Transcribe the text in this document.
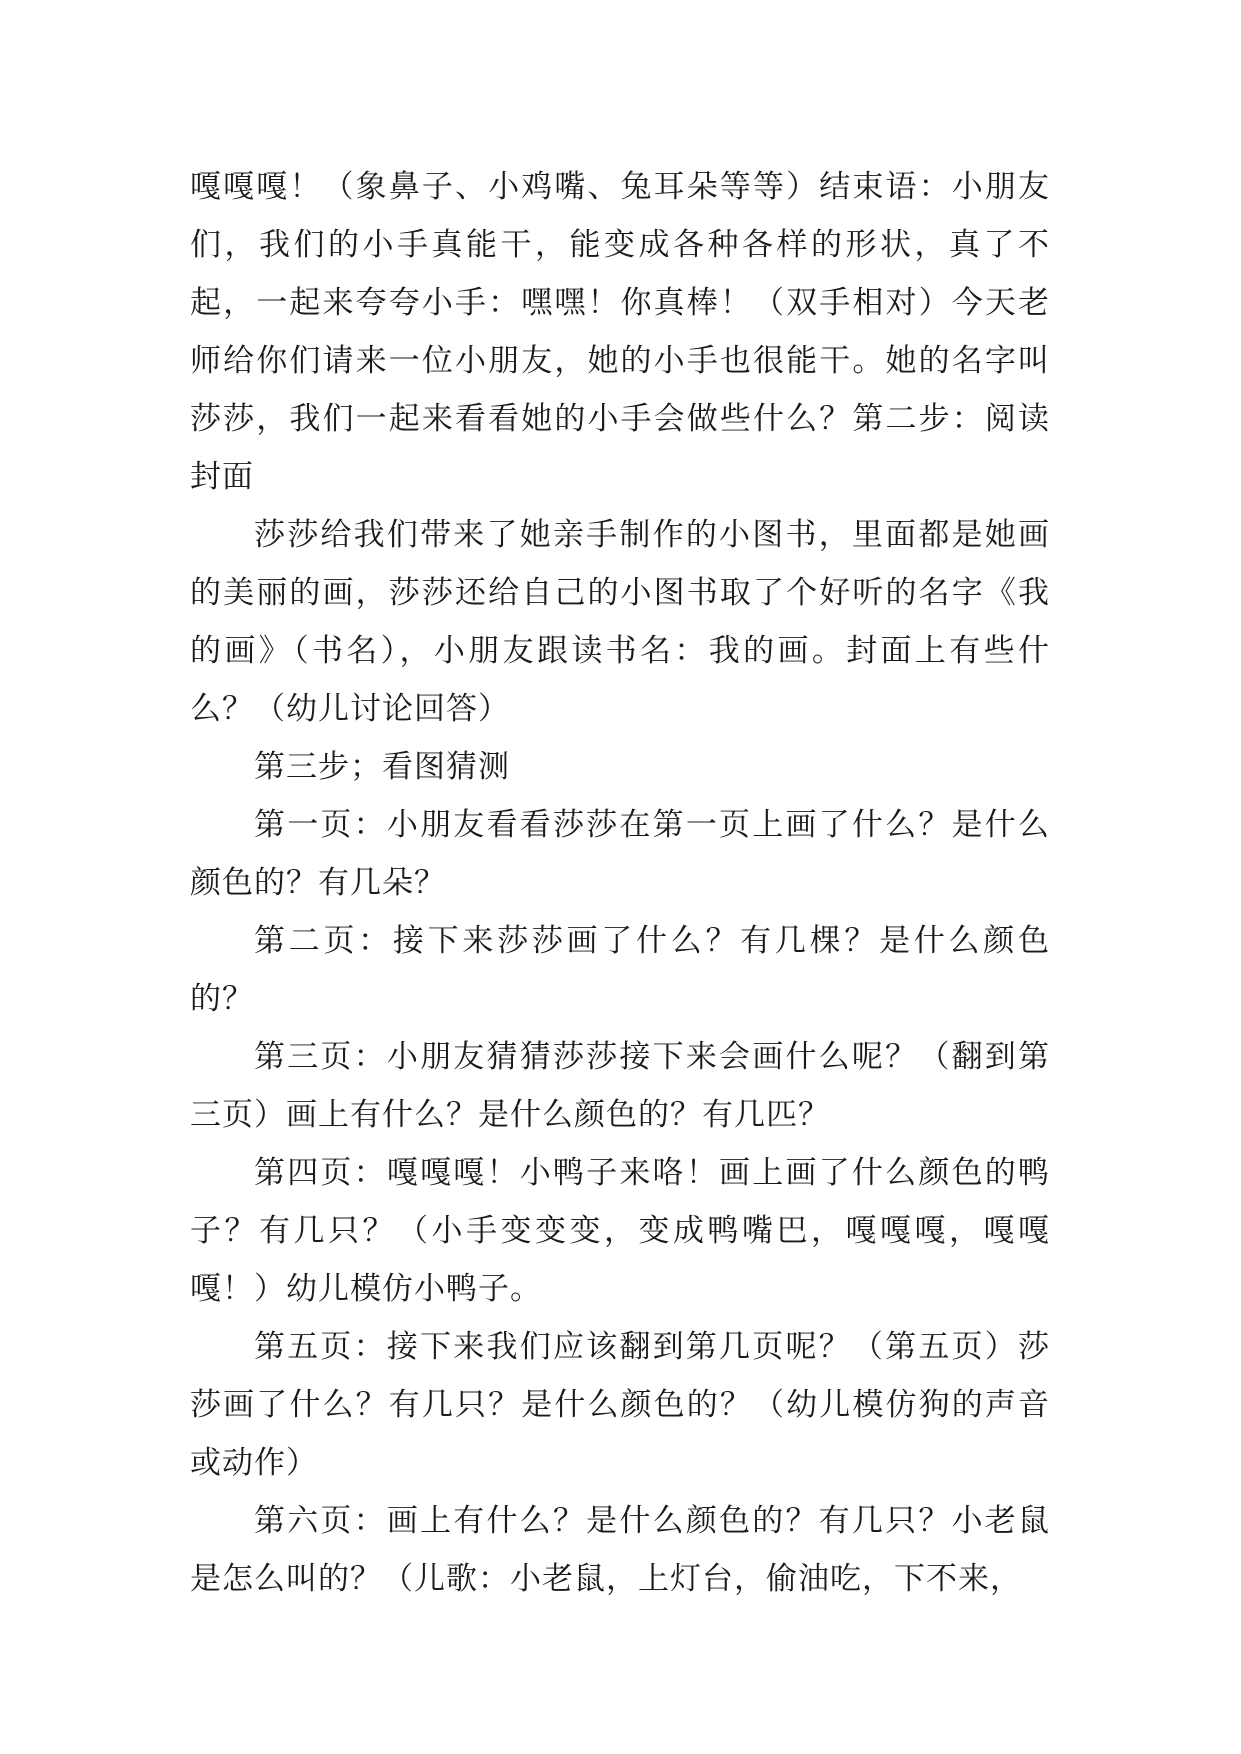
嘎嘎嘎！（象鼻子、小鸡嘴、兔耳朵等等）结束语：小朋友们，我们的小手真能干，能变成各种各样的形状，真了不起，一起来夸夸小手：嘿嘿！你真棒！（双手相对）今天老师给你们请来一位小朋友，她的小手也很能干。她的名字叫莎莎，我们一起来看看她的小手会做些什么？第二步：阅读封面

莎莎给我们带来了她亲手制作的小图书，里面都是她画的美丽的画，莎莎还给自己的小图书取了个好听的名字《我的画》（书名），小朋友跟读书名：我的画。封面上有些什么？（幼儿讨论回答）

第三步；看图猜测

第一页：小朋友看看莎莎在第一页上画了什么？是什么颜色的？有几朵？

第二页：接下来莎莎画了什么？有几棵？是什么颜色的？

第三页：小朋友猜猜莎莎接下来会画什么呢？（翻到第三页）画上有什么？是什么颜色的？有几匹？

第四页：嘎嘎嘎！小鸭子来咯！画上画了什么颜色的鸭子？有几只？（小手变变变，变成鸭嘴巴，嘎嘎嘎，嘎嘎嘎！）幼儿模仿小鸭子。

第五页：接下来我们应该翻到第几页呢？（第五页）莎莎画了什么？有几只？是什么颜色的？（幼儿模仿狗的声音或动作）

第六页：画上有什么？是什么颜色的？有几只？小老鼠是怎么叫的？（儿歌：小老鼠，上灯台，偷油吃，下不来，
